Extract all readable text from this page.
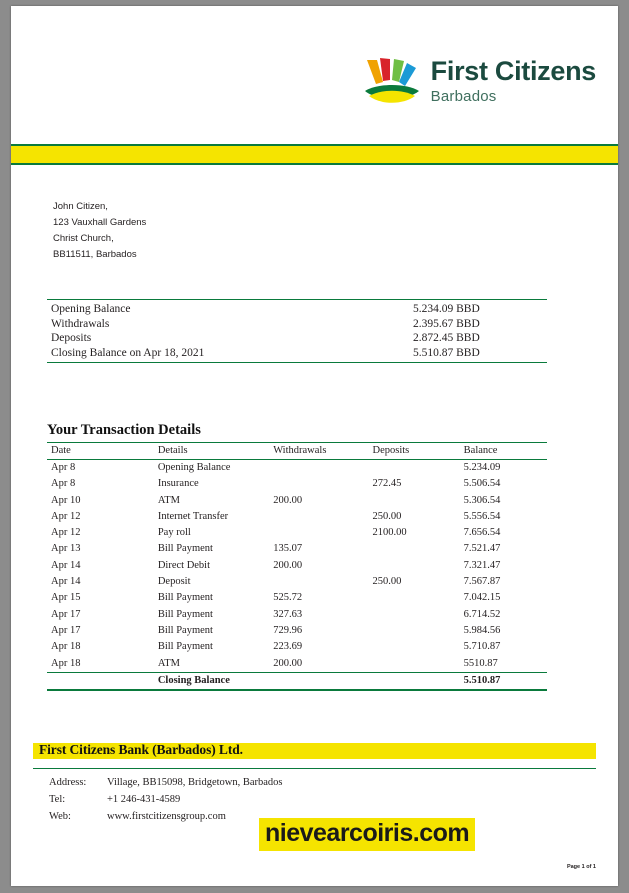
First Citizens
Barbados
John Citizen,
123 Vauxhall Gardens
Christ Church,
BB11511, Barbados
Opening Balance	5.234.09 BBD
Withdrawals	2.395.67 BBD
Deposits	2.872.45 BBD
Closing Balance on Apr 18, 2021	5.510.87 BBD
Your Transaction Details
Date	Details	Withdrawals	Deposits	Balance
Apr 8	Opening Balance			5.234.09
Apr 8	Insurance		272.45	5.506.54
Apr 10	ATM	200.00		5.306.54
Apr 12	Internet Transfer		250.00	5.556.54
Apr 12	Pay roll		2100.00	7.656.54
Apr 13	Bill Payment	135.07		7.521.47
Apr 14	Direct Debit	200.00		7.321.47
Apr 14	Deposit		250.00	7.567.87
Apr 15	Bill Payment	525.72		7.042.15
Apr 17	Bill Payment	327.63		6.714.52
Apr 17	Bill Payment	729.96		5.984.56
Apr 18	Bill Payment	223.69		5.710.87
Apr 18	ATM	200.00		5510.87
	Closing Balance			5.510.87
First Citizens Bank (Barbados) Ltd.
Address:	Village, BB15098, Bridgetown, Barbados
Tel:	+1 246-431-4589
Web:	www.firstcitizensgroup.com
nievearcoiris.com
Page 1 of 1
